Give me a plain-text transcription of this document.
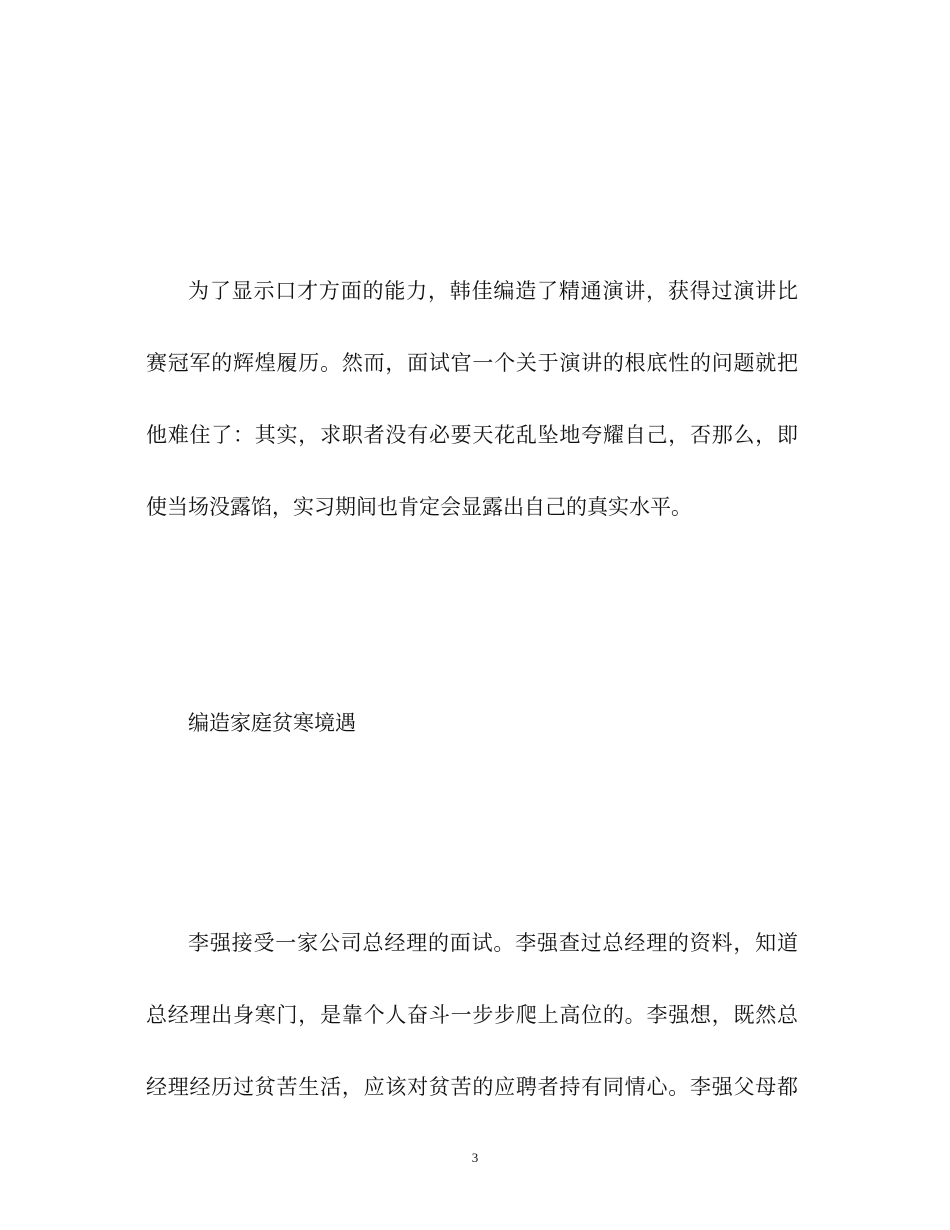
为了显示口才方面的能力，韩佳编造了精通演讲，获得过演讲比
赛冠军的辉煌履历。然而，面试官一个关于演讲的根底性的问题就把
他难住了：其实，求职者没有必要天花乱坠地夸耀自己，否那么，即
使当场没露馅，实习期间也肯定会显露出自己的真实水平。
编造家庭贫寒境遇
李强接受一家公司总经理的面试。李强查过总经理的资料，知道
总经理出身寒门，是靠个人奋斗一步步爬上高位的。李强想，既然总
经理经历过贫苦生活，应该对贫苦的应聘者持有同情心。李强父母都
3
